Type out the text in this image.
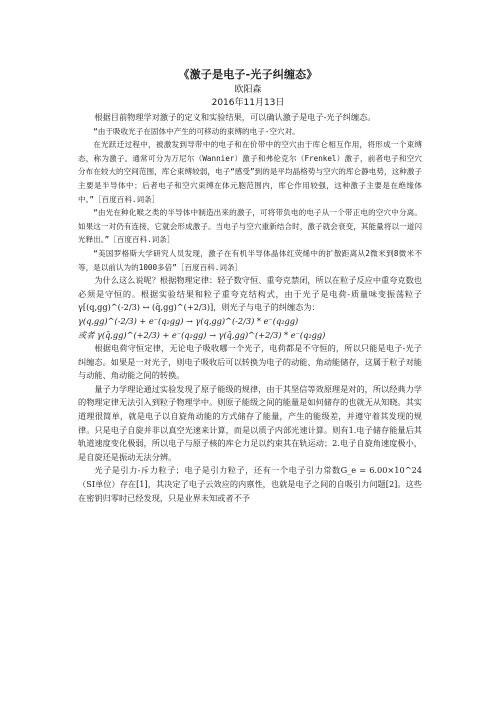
《激子是电子-光子纠缠态》
欧阳森
2016年11月13日

根据目前物理学对激子的定义和实验结果，可以确认激子是电子-光子纠缠态。

“由于吸收光子在固体中产生的可移动的束缚的电子-空穴对。

在光跃迁过程中，被激发到导带中的电子和在价带中的空穴由于库仑相互作用，将形成一个束缚态，称为激子。通常可分为万尼尔（Wannier）激子和弗伦克尔（Frenkel）激子，前者电子和空穴分布在较大的空间范围，库仑束缚较弱，电子“感受”到的是平均晶格势与空穴的库仑静电势，这种激子主要是半导体中；后者电子和空穴束缚在体元胞范围内，库仑作用较强，这种激子主要是在绝缘体中。”［百度百科.词条］

“由光在种化喉之类的半导体中制造出来的激子，可将带负电的电子从一个带正电的空穴中分离。如果这一对仍有连接，它就会形成激子。当电子与空穴重新结合时，激子就会衰变，其能量将以一道闪光释出。”［百度百科.词条］

“美国罗格斯大学研究人员发现，激子在有机半导体晶体红荧烯中的扩散距离从2微米到8微米不等，是以前认为的1000多倍”［百度百科.词条］

为什么这么说呢？根据物理定律：轻子数守恒、重夸克禁闭，所以在粒子反应中重夸克数也必须是守恒的。根据实验结果和粒子重夸克结构式，由于光子是电荷-质量味变振荡粒子γ[(q,gg)^(-2/3) ↔ (q̄,gg)^(+2/3)]，则光子与电子的纠缠态为：

γ(q,gg)^(-2/3) + e⁻(q₂gg) → γ(q,gg)^(-2/3) * e⁻(q₂gg)

或者 γ(q̄,gg)^(+2/3) + e⁻(q₂gg) → γ(q̄,gg)^(+2/3) * e⁻(q₂gg)

根据电荷守恒定律，无论电子吸收哪一个光子，电荷都是不守恒的，所以只能是电子-光子纠缠态。如果是一对光子，则电子吸收后可以转换为电子的动能、角动能储存，这属于粒子对能与动能、角动能之间的转换。

量子力学理论通过实验发现了原子能级的规律，由于其坚信等效原理是对的，所以经典力学的物理定律无法引入到粒子物理学中。则原子能级之间的能量是如何储存的也就无从知晓。其实道理很简单，就是电子以自旋角动能的方式储存了能量，产生的能级差，并遵守着其发现的规律。只是电子自旋并非以真空光速来计算，而是以质子内部光速计算。则有1.电子储存能量后其轨道速度变化极弱，所以电子与原子核的库仑力足以约束其在轨运动；2.电子自旋角速度极小，是自旋还是振动无法分辨。

光子是引力-斥力粒子；电子是引力粒子，还有一个电子引力常数G_e = 6.00×10^24（SI单位）存在[1]，其决定了电子云效应的内禀性，也就是电子之间的自吸引力问题[2]。这些在密钥归零时已经发现，只是业界未知或者不予
